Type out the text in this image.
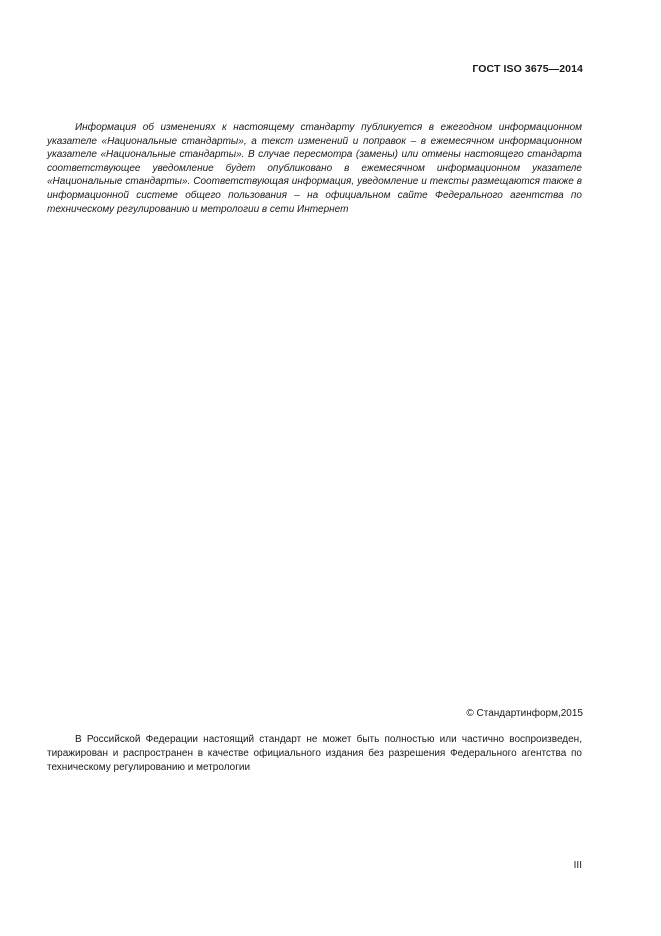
ГОСТ ISO 3675—2014

Информация об изменениях к настоящему стандарту публикуется в ежегодном информационном указателе «Национальные стандарты», а текст изменений и поправок – в ежемесячном информационном указателе «Национальные стандарты». В случае пересмотра (замены) или отмены настоящего стандарта соответствующее уведомление будет опубликовано в ежемесячном информационном указателе «Национальные стандарты». Соответствующая информация, уведомление и тексты размещаются также в информационной системе общего пользования – на официальном сайте Федерального агентства по техническому регулированию и метрологии в сети Интернет

© Стандартинформ,2015

В Российской Федерации настоящий стандарт не может быть полностью или частично воспроизведен, тиражирован и распространен в качестве официального издания без разрешения Федерального агентства по техническому регулированию и метрологии

III
